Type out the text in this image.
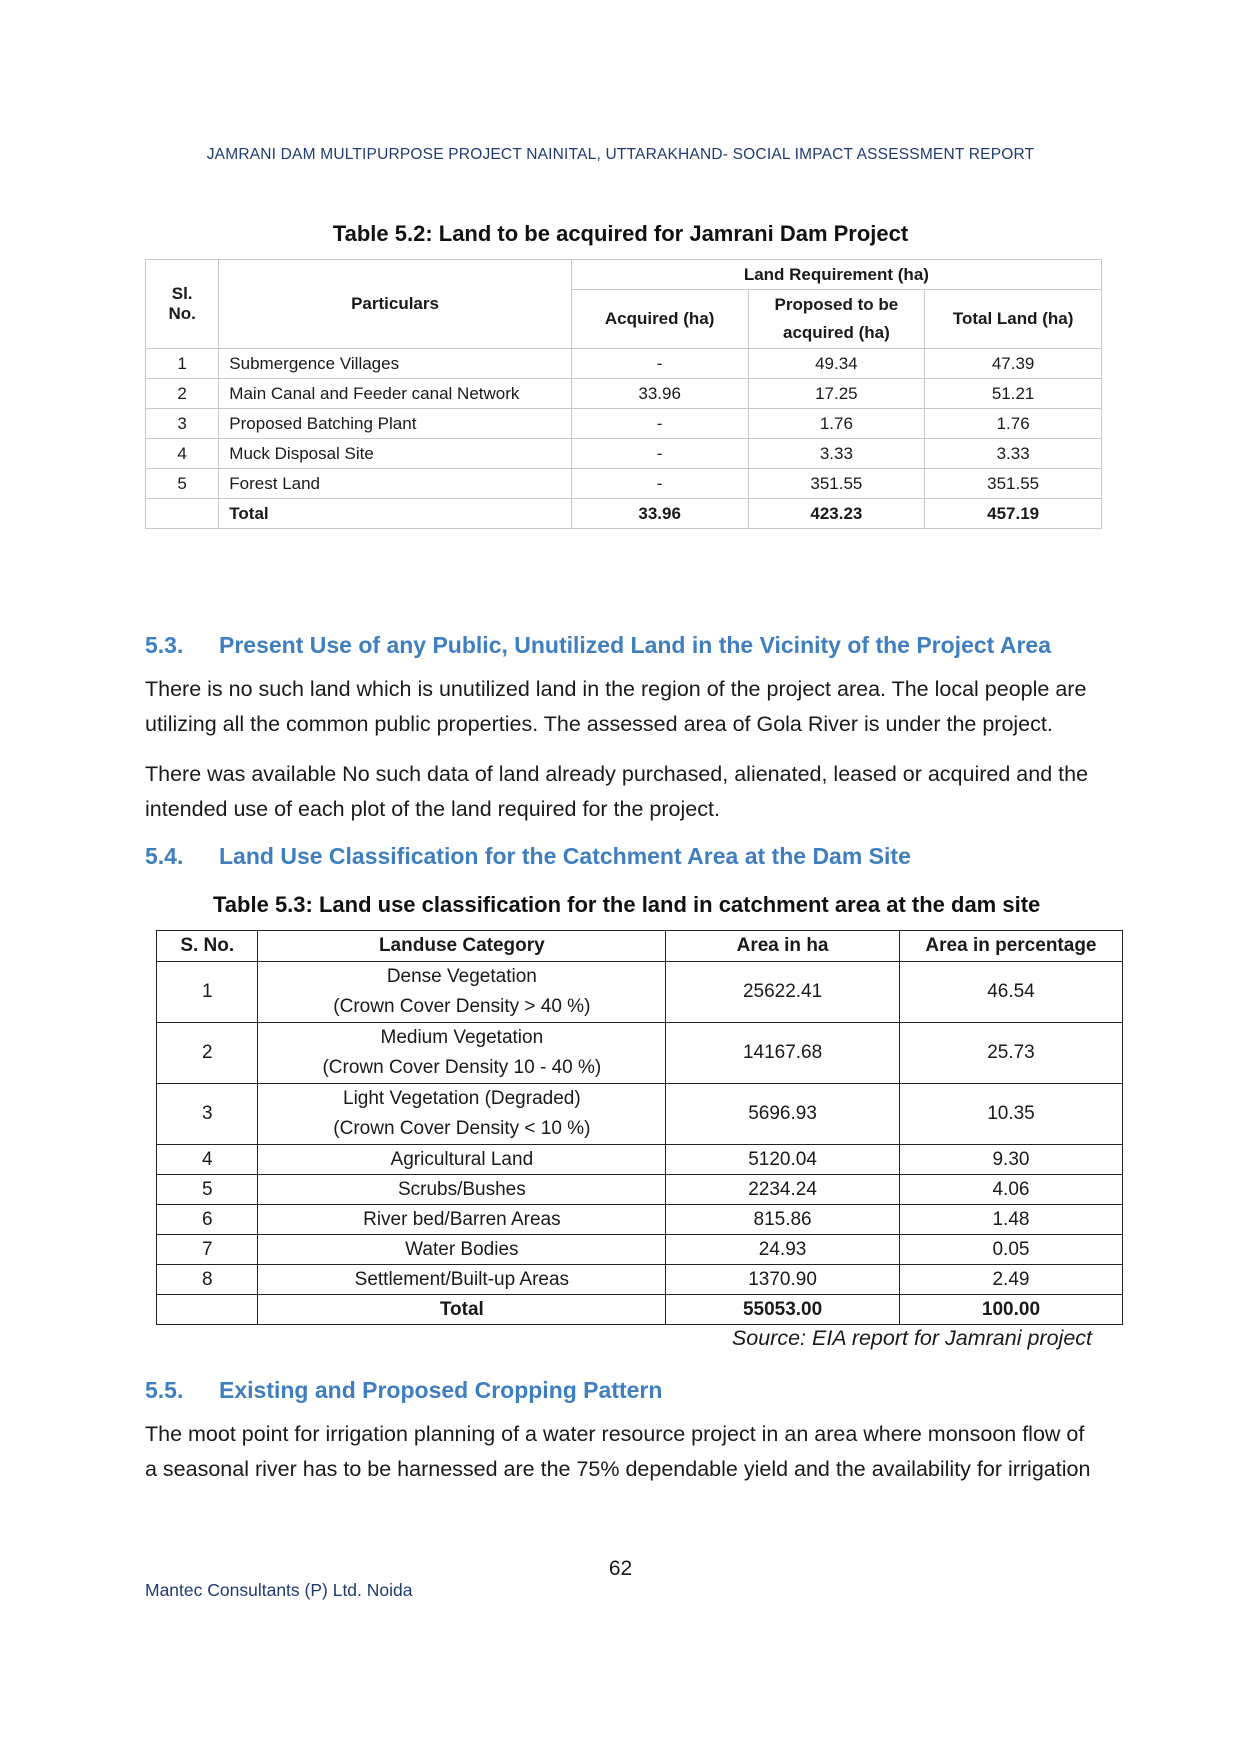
JAMRANI DAM MULTIPURPOSE PROJECT NAINITAL, UTTARAKHAND- SOCIAL IMPACT ASSESSMENT REPORT
Table 5.2: Land to be acquired for Jamrani Dam Project
Sl. No.	Particulars	Land Requirement (ha)		
		Acquired (ha)	Proposed to be acquired (ha)	Total Land (ha)
1	Submergence Villages	-	49.34	47.39
2	Main Canal and Feeder canal Network	33.96	17.25	51.21
3	Proposed Batching Plant	-	1.76	1.76
4	Muck Disposal Site	-	3.33	3.33
5	Forest Land	-	351.55	351.55
	Total	33.96	423.23	457.19
5.3. Present Use of any Public, Unutilized Land in the Vicinity of the Project Area
There is no such land which is unutilized land in the region of the project area. The local people are utilizing all the common public properties. The assessed area of Gola River is under the project.
There was available No such data of land already purchased, alienated, leased or acquired and the intended use of each plot of the land required for the project.
5.4. Land Use Classification for the Catchment Area at the Dam Site
Table 5.3: Land use classification for the land in catchment area at the dam site
S. No.	Landuse Category	Area in ha	Area in percentage
1	Dense Vegetation
(Crown Cover Density > 40 %)	25622.41	46.54
2	Medium Vegetation
(Crown Cover Density 10 - 40 %)	14167.68	25.73
3	Light Vegetation (Degraded)
(Crown Cover Density < 10 %)	5696.93	10.35
4	Agricultural Land	5120.04	9.30
5	Scrubs/Bushes	2234.24	4.06
6	River bed/Barren Areas	815.86	1.48
7	Water Bodies	24.93	0.05
8	Settlement/Built-up Areas	1370.90	2.49
	Total	55053.00	100.00
Source: EIA report for Jamrani project
5.5. Existing and Proposed Cropping Pattern
The moot point for irrigation planning of a water resource project in an area where monsoon flow of a seasonal river has to be harnessed are the 75% dependable yield and the availability for irrigation
62
Mantec Consultants (P) Ltd. Noida
